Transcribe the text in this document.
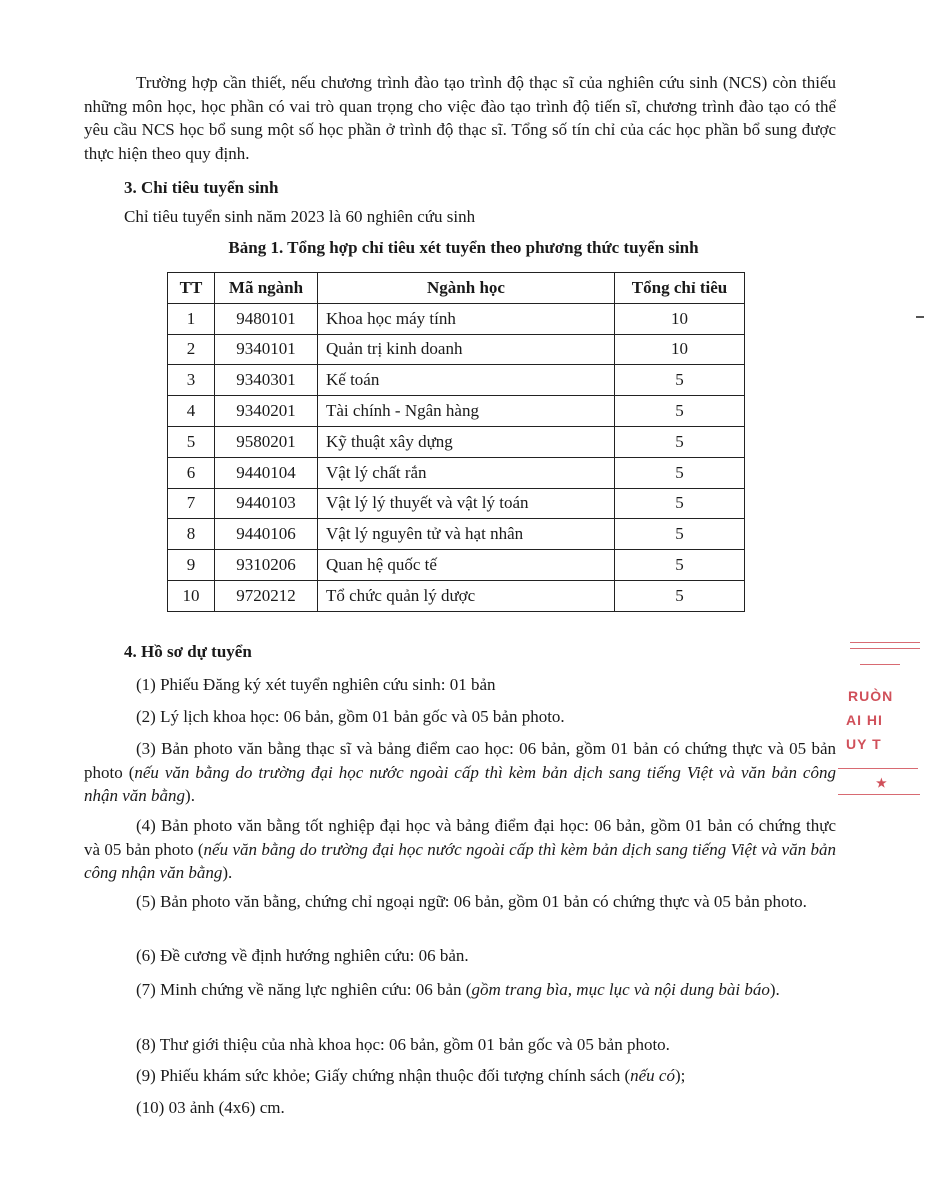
Trường hợp cần thiết, nếu chương trình đào tạo trình độ thạc sĩ của nghiên cứu sinh (NCS) còn thiếu những môn học, học phần có vai trò quan trọng cho việc đào tạo trình độ tiến sĩ, chương trình đào tạo có thể yêu cầu NCS học bổ sung một số học phần ở trình độ thạc sĩ. Tổng số tín chỉ của các học phần bổ sung được thực hiện theo quy định.

3. Chỉ tiêu tuyển sinh

Chỉ tiêu tuyển sinh năm 2023 là 60 nghiên cứu sinh

Bảng 1. Tổng hợp chỉ tiêu xét tuyển theo phương thức tuyển sinh

TT	Mã ngành	Ngành học	Tổng chỉ tiêu
1	9480101	Khoa học máy tính	10
2	9340101	Quản trị kinh doanh	10
3	9340301	Kế toán	5
4	9340201	Tài chính - Ngân hàng	5
5	9580201	Kỹ thuật xây dựng	5
6	9440104	Vật lý chất rắn	5
7	9440103	Vật lý lý thuyết và vật lý toán	5
8	9440106	Vật lý nguyên tử và hạt nhân	5
9	9310206	Quan hệ quốc tế	5
10	9720212	Tổ chức quản lý dược	5

4. Hồ sơ dự tuyển

(1) Phiếu Đăng ký xét tuyển nghiên cứu sinh: 01 bản

(2) Lý lịch khoa học: 06 bản, gồm 01 bản gốc và 05 bản photo.

(3) Bản photo văn bằng thạc sĩ và bảng điểm cao học: 06 bản, gồm 01 bản có chứng thực và 05 bản photo (nếu văn bằng do trường đại học nước ngoài cấp thì kèm bản dịch sang tiếng Việt và văn bản công nhận văn bằng).

(4) Bản photo văn bằng tốt nghiệp đại học và bảng điểm đại học: 06 bản, gồm 01 bản có chứng thực và 05 bản photo (nếu văn bằng do trường đại học nước ngoài cấp thì kèm bản dịch sang tiếng Việt và văn bản công nhận văn bằng).

(5) Bản photo văn bằng, chứng chỉ ngoại ngữ: 06 bản, gồm 01 bản có chứng thực và 05 bản photo.

(6) Đề cương về định hướng nghiên cứu: 06 bản.

(7) Minh chứng về năng lực nghiên cứu: 06 bản (gồm trang bìa, mục lục và nội dung bài báo).

(8) Thư giới thiệu của nhà khoa học: 06 bản, gồm 01 bản gốc và 05 bản photo.

(9) Phiếu khám sức khỏe; Giấy chứng nhận thuộc đối tượng chính sách (nếu có);

(10) 03 ảnh (4x6) cm.

RUÒN
AI HI
UY T
★
